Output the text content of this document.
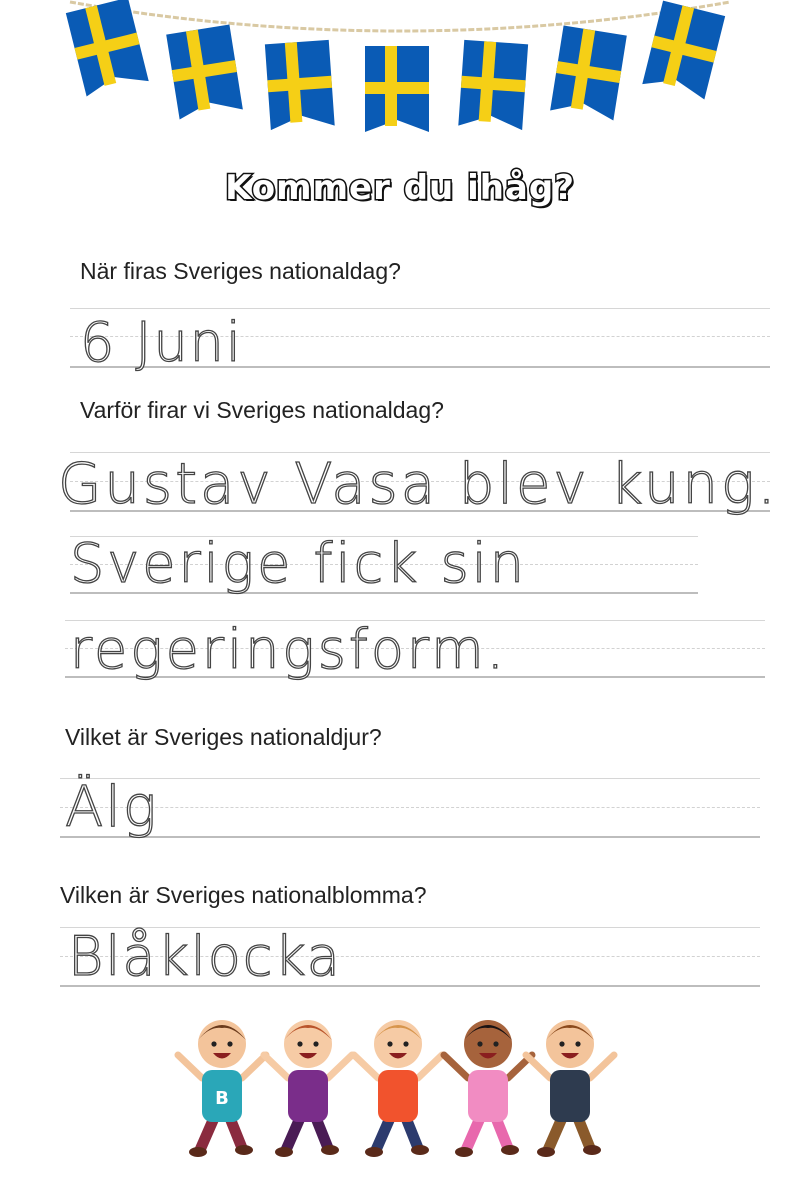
Kommer du ihåg?
När firas Sveriges nationaldag?
6 Juni
Varför firar vi Sveriges nationaldag?
Gustav Vasa blev kung.
Sverige fick sin
regeringsform.
Vilket är Sveriges nationaldjur?
Älg
Vilken är Sveriges nationalblomma?
Blåklocka
B
